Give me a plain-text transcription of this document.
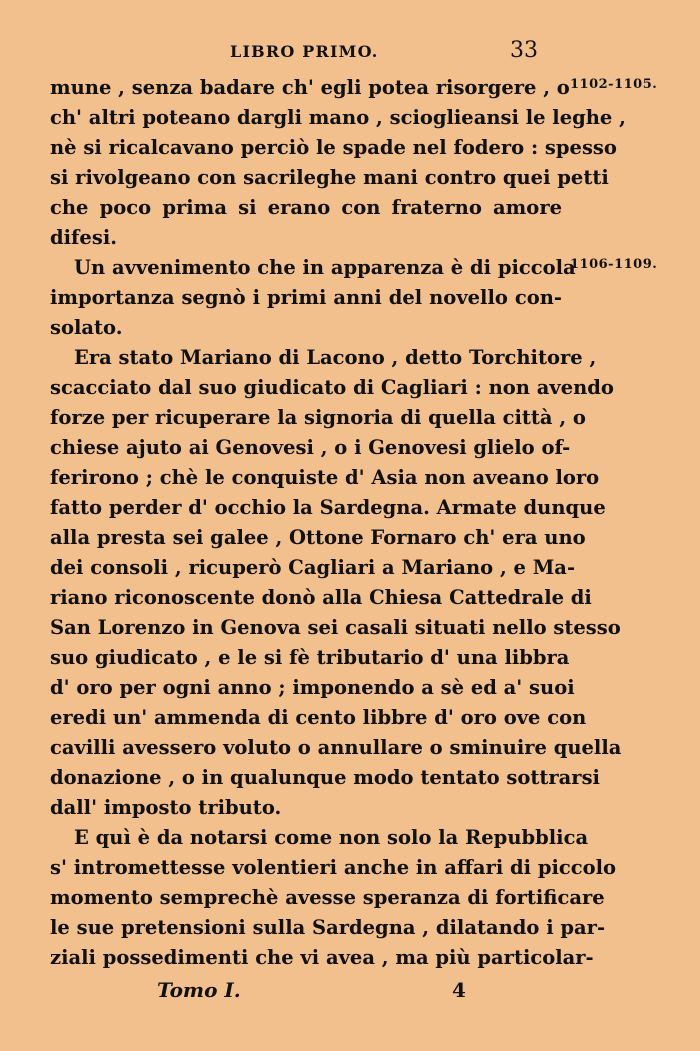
LIBRO PRIMO.	33
1102-1105.
1106-1109.
mune , senza badare ch' egli potea risorgere , o
ch' altri poteano dargli mano , scioglieansi le leghe ,
nè si ricalcavano perciò le spade nel fodero : spesso
si rivolgeano con sacrileghe mani contro quei petti
che poco prima si erano con fraterno amore
difesi.
Un avvenimento che in apparenza è di piccola
importanza segnò i primi anni del novello con-
solato.
Era stato Mariano di Lacono , detto Torchitore ,
scacciato dal suo giudicato di Cagliari : non avendo
forze per ricuperare la signoria di quella città , o
chiese ajuto ai Genovesi , o i Genovesi glielo of-
ferirono ; chè le conquiste d' Asia non aveano loro
fatto perder d' occhio la Sardegna. Armate dunque
alla presta sei galee , Ottone Fornaro ch' era uno
dei consoli , ricuperò Cagliari a Mariano , e Ma-
riano riconoscente donò alla Chiesa Cattedrale di
San Lorenzo in Genova sei casali situati nello stesso
suo giudicato , e le si fè tributario d' una libbra
d' oro per ogni anno ; imponendo a sè ed a' suoi
eredi un' ammenda di cento libbre d' oro ove con
cavilli avessero voluto o annullare o sminuire quella
donazione , o in qualunque modo tentato sottrarsi
dall' imposto tributo.
E quì è da notarsi come non solo la Repubblica
s' intromettesse volentieri anche in affari di piccolo
momento semprechè avesse speranza di fortificare
le sue pretensioni sulla Sardegna , dilatando i par-
ziali possedimenti che vi avea , ma più particolar-
Tomo I.	4
